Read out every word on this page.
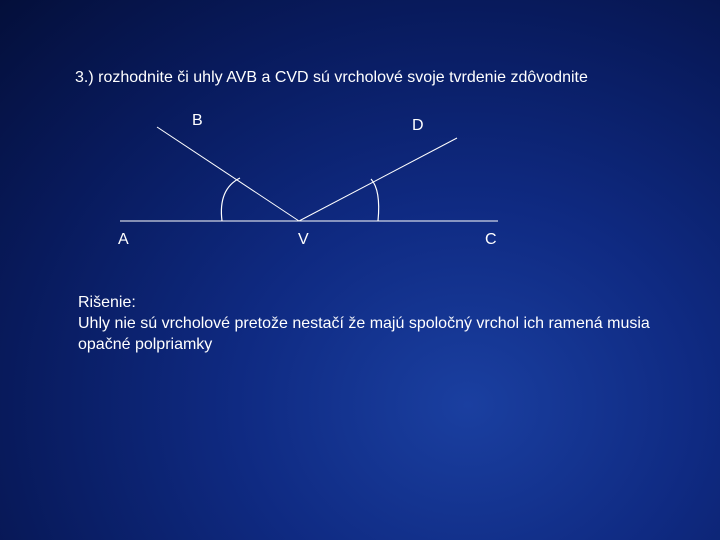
3.) rozhodnite či uhly AVB a CVD sú vrcholové svoje tvrdenie zdôvodnite
B	D
A	V	C
Rišenie:
Uhly nie sú vrcholové pretože nestačí že majú spoločný vrchol ich ramená musia
opačné polpriamky
